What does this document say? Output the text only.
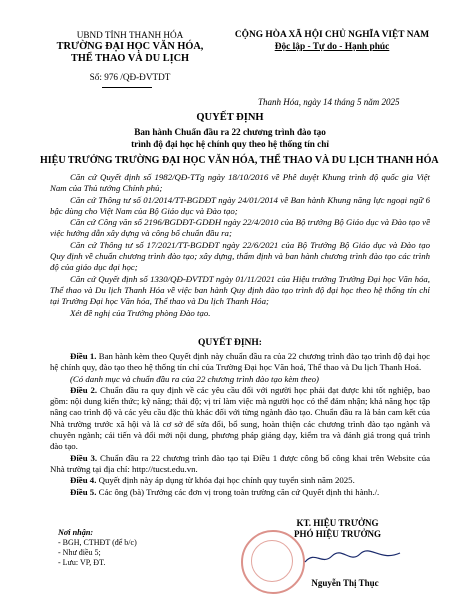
UBND TỈNH THANH HÓA
TRƯỜNG ĐẠI HỌC VĂN HÓA,
THỂ THAO VÀ DU LỊCH
Số: 976 /QĐ-ĐVTDT
CỘNG HÒA XÃ HỘI CHỦ NGHĨA VIỆT NAM
Độc lập - Tự do - Hạnh phúc
Thanh Hóa, ngày 14 tháng 5 năm 2025
QUYẾT ĐỊNH
Ban hành Chuẩn đầu ra 22 chương trình đào tạo
trình độ đại học hệ chính quy theo hệ thống tín chỉ
HIỆU TRƯỞNG TRƯỜNG ĐẠI HỌC VĂN HÓA, THỂ THAO VÀ DU LỊCH THANH HÓA

Căn cứ Quyết định số 1982/QĐ-TTg ngày 18/10/2016 về Phê duyệt Khung trình độ quốc gia Việt Nam của Thủ tướng Chính phủ;

Căn cứ Thông tư số 01/2014/TT-BGDĐT ngày 24/01/2014 về Ban hành Khung năng lực ngoại ngữ 6 bậc dùng cho Việt Nam của Bộ Giáo dục và Đào tạo;

Căn cứ Công văn số 2196/BGDĐT-GDĐH ngày 22/4/2010 của Bộ trưởng Bộ Giáo dục và Đào tạo về việc hướng dẫn xây dựng và công bố chuẩn đầu ra;

Căn cứ Thông tư số 17/2021/TT-BGDĐT ngày 22/6/2021 của Bộ Trưởng Bộ Giáo dục và Đào tạo Quy định về chuẩn chương trình đào tạo; xây dựng, thẩm định và ban hành chương trình đào tạo các trình độ của giáo dục đại học;

Căn cứ Quyết định số 1330/QĐ-ĐVTDT ngày 01/11/2021 của Hiệu trưởng Trường Đại học Văn hóa, Thể thao và Du lịch Thanh Hóa về việc ban hành Quy định đào tạo trình độ đại học theo hệ thống tín chỉ tại Trường Đại học Văn hóa, Thể thao và Du lịch Thanh Hóa;

Xét đề nghị của Trưởng phòng Đào tạo.

QUYẾT ĐỊNH:

Điều 1. Ban hành kèm theo Quyết định này chuẩn đầu ra của 22 chương trình đào tạo trình độ đại học hệ chính quy, đào tạo theo hệ thống tín chỉ của Trường Đại học Văn hoá, Thể thao và Du lịch Thanh Hoá.

(Có danh mục và chuẩn đầu ra của 22 chương trình đào tạo kèm theo)

Điều 2. Chuẩn đầu ra quy định về các yêu cầu đối với người học phải đạt được khi tốt nghiệp, bao gồm: nội dung kiến thức; kỹ năng; thái độ; vị trí làm việc mà người học có thể đảm nhận; khả năng học tập nâng cao trình độ và các yêu cầu đặc thù khác đối với từng ngành đào tạo. Chuẩn đầu ra là bản cam kết của Nhà trường trước xã hội và là cơ sở để sửa đổi, bổ sung, hoàn thiện các chương trình đào tạo ngành và chuyên ngành; cải tiến và đổi mới nội dung, phương pháp giảng dạy, kiểm tra và đánh giá trong quá trình đào tạo.

Điều 3. Chuẩn đầu ra 22 chương trình đào tạo tại Điều 1 được công bố công khai trên Website của Nhà trường tại địa chỉ: http://tucst.edu.vn.

Điều 4. Quyết định này áp dụng từ khóa đại học chính quy tuyển sinh năm 2025.

Điều 5. Các ông (bà) Trưởng các đơn vị trong toàn trường căn cứ Quyết định thi hành./.

Nơi nhận:
- BGH, CTHĐT (để b/c)
- Như điều 5;
- Lưu: VP, ĐT.
KT. HIỆU TRƯỞNG
PHÓ HIỆU TRƯỞNG
Nguyễn Thị Thục
